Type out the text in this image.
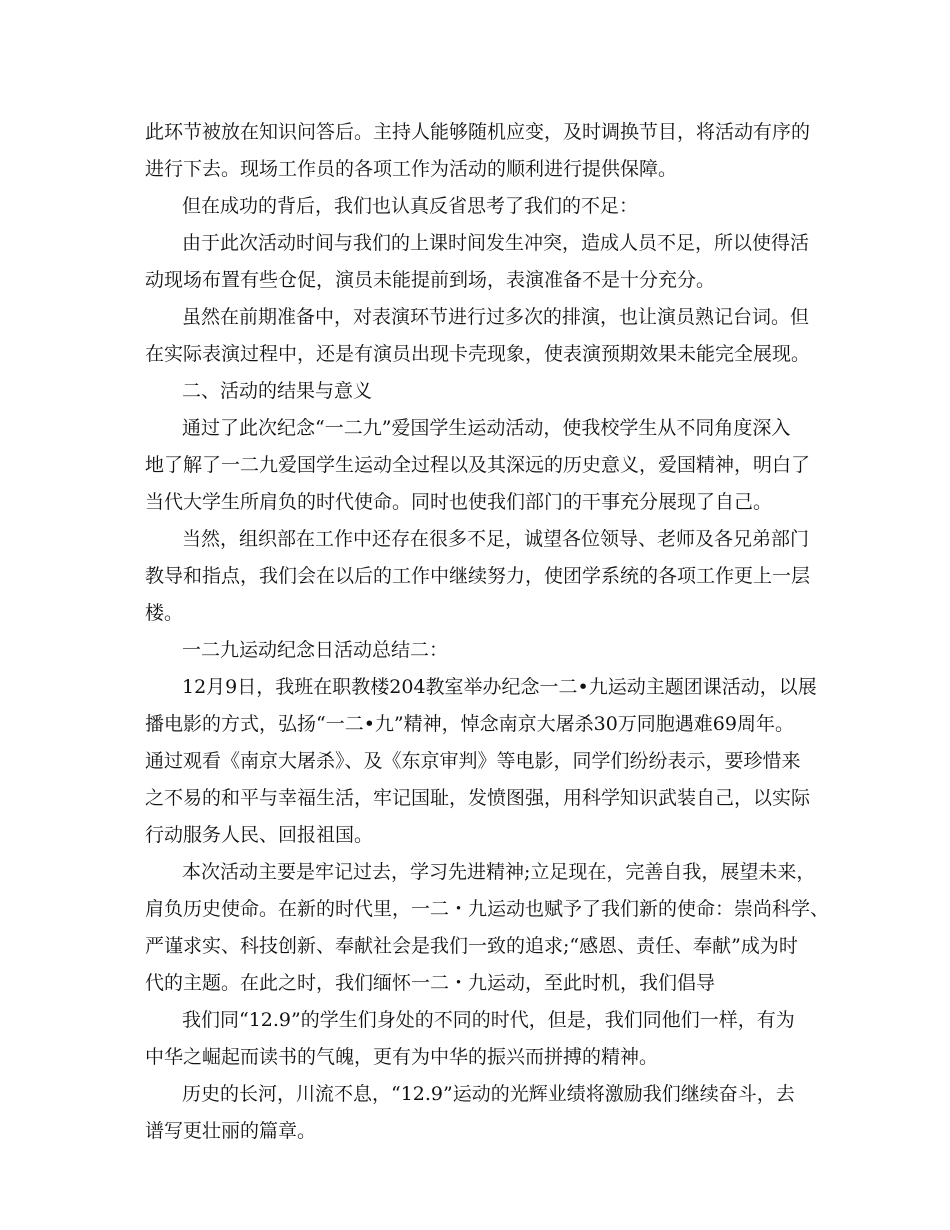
此环节被放在知识问答后。主持人能够随机应变，及时调换节目，将活动有序的
进行下去。现场工作员的各项工作为活动的顺利进行提供保障。
但在成功的背后，我们也认真反省思考了我们的不足：
由于此次活动时间与我们的上课时间发生冲突，造成人员不足，所以使得活
动现场布置有些仓促，演员未能提前到场，表演准备不是十分充分。
虽然在前期准备中，对表演环节进行过多次的排演，也让演员熟记台词。但
在实际表演过程中，还是有演员出现卡壳现象，使表演预期效果未能完全展现。
二、活动的结果与意义
通过了此次纪念“一二九”爱国学生运动活动，使我校学生从不同角度深入
地了解了一二九爱国学生运动全过程以及其深远的历史意义，爱国精神，明白了
当代大学生所肩负的时代使命。同时也使我们部门的干事充分展现了自己。
当然，组织部在工作中还存在很多不足，诚望各位领导、老师及各兄弟部门
教导和指点，我们会在以后的工作中继续努力，使团学系统的各项工作更上一层
楼。
一二九运动纪念日活动总结二：
12月9日，我班在职教楼204教室举办纪念一二•九运动主题团课活动，以展
播电影的方式，弘扬“一二•九”精神，悼念南京大屠杀30万同胞遇难69周年。
通过观看《南京大屠杀》、及《东京审判》等电影，同学们纷纷表示，要珍惜来
之不易的和平与幸福生活，牢记国耻，发愤图强，用科学知识武装自己，以实际
行动服务人民、回报祖国。
本次活动主要是牢记过去，学习先进精神;立足现在，完善自我，展望未来，
肩负历史使命。在新的时代里，一二・九运动也赋予了我们新的使命：崇尚科学、
严谨求实、科技创新、奉献社会是我们一致的追求;“感恩、责任、奉献”成为时
代的主题。在此之时，我们缅怀一二・九运动，至此时机，我们倡导
我们同“12.9”的学生们身处的不同的时代，但是，我们同他们一样，有为
中华之崛起而读书的气魄，更有为中华的振兴而拼搏的精神。
历史的长河，川流不息，“12.9”运动的光辉业绩将激励我们继续奋斗，去
谱写更壮丽的篇章。
